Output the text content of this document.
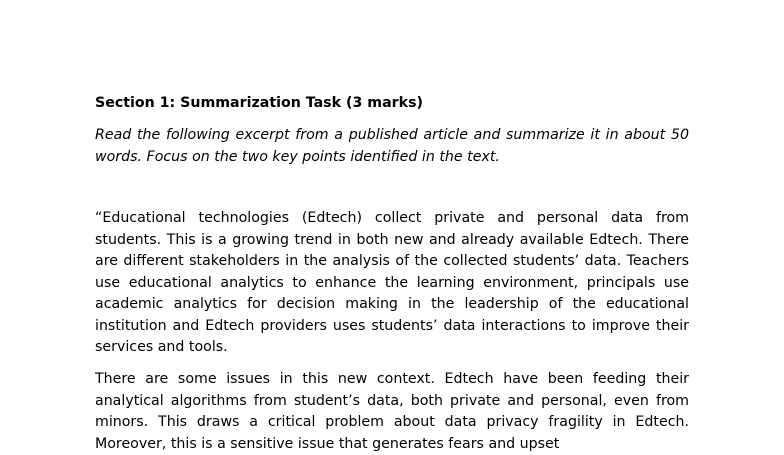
Section 1: Summarization Task (3 marks)
Read the following excerpt from a published article and summarize it in about 50 words. Focus on the two key points identified in the text.
“Educational technologies (Edtech) collect private and personal data from students. This is a growing trend in both new and already available Edtech. There are different stakeholders in the analysis of the collected students’ data. Teachers use educational analytics to enhance the learning environment, principals use academic analytics for decision making in the leadership of the educational institution and Edtech providers uses students’ data interactions to improve their services and tools.
There are some issues in this new context. Edtech have been feeding their analytical algorithms from student’s data, both private and personal, even from minors. This draws a critical problem about data privacy fragility in Edtech. Moreover, this is a sensitive issue that generates fears and upset
